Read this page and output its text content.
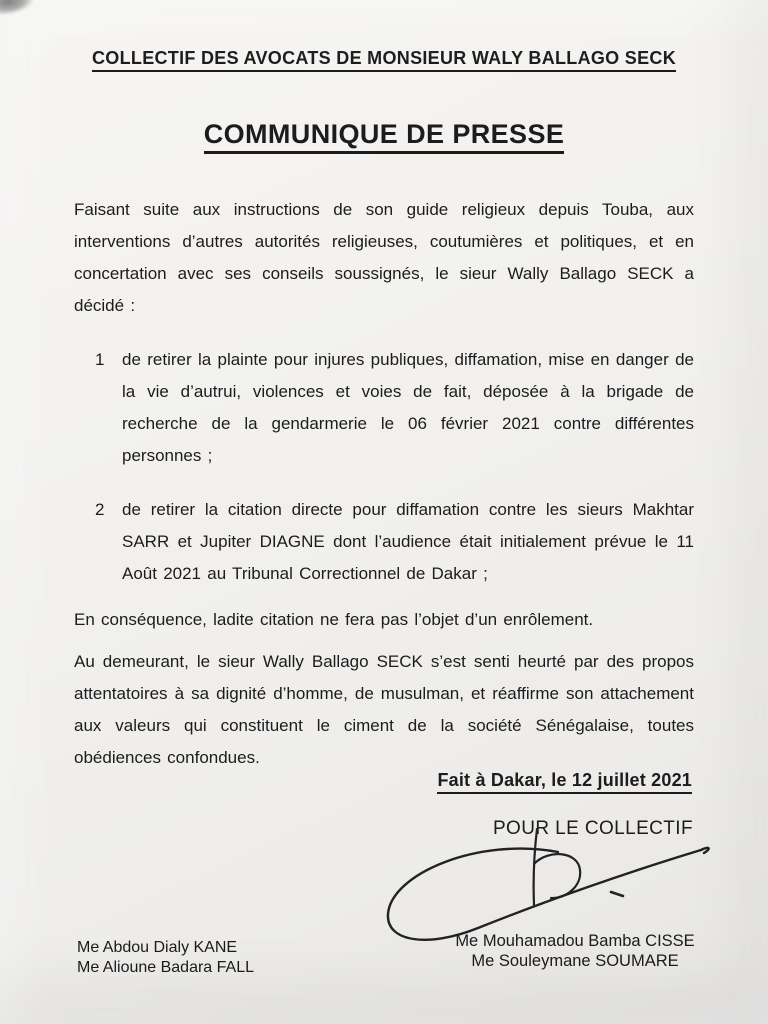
COLLECTIF DES AVOCATS DE MONSIEUR WALY BALLAGO SECK
COMMUNIQUE DE PRESSE

Faisant suite aux instructions de son guide religieux depuis Touba, aux interventions d’autres autorités religieuses, coutumières et politiques, et en concertation avec ses conseils soussignés, le sieur Wally Ballago SECK a décidé :

1	de retirer la plainte pour injures publiques, diffamation, mise en danger de la vie d’autrui, violences et voies de fait, déposée à la brigade de recherche de la gendarmerie le 06 février 2021 contre différentes personnes ;
2	de retirer la citation directe pour diffamation contre les sieurs Makhtar SARR et Jupiter DIAGNE dont l’audience était initialement prévue le 11 Août 2021 au Tribunal Correctionnel de Dakar ;

En conséquence, ladite citation ne fera pas l’objet d’un enrôlement.

Au demeurant, le sieur Wally Ballago SECK s’est senti heurté par des propos attentatoires à sa dignité d’homme, de musulman, et réaffirme son attachement aux valeurs qui constituent le ciment de la société Sénégalaise, toutes obédiences confondues.

Fait à Dakar, le 12 juillet 2021
POUR LE COLLECTIF
Me Abdou Dialy KANE
Me Alioune Badara FALL
Me Mouhamadou Bamba CISSE
Me Souleymane SOUMARE
